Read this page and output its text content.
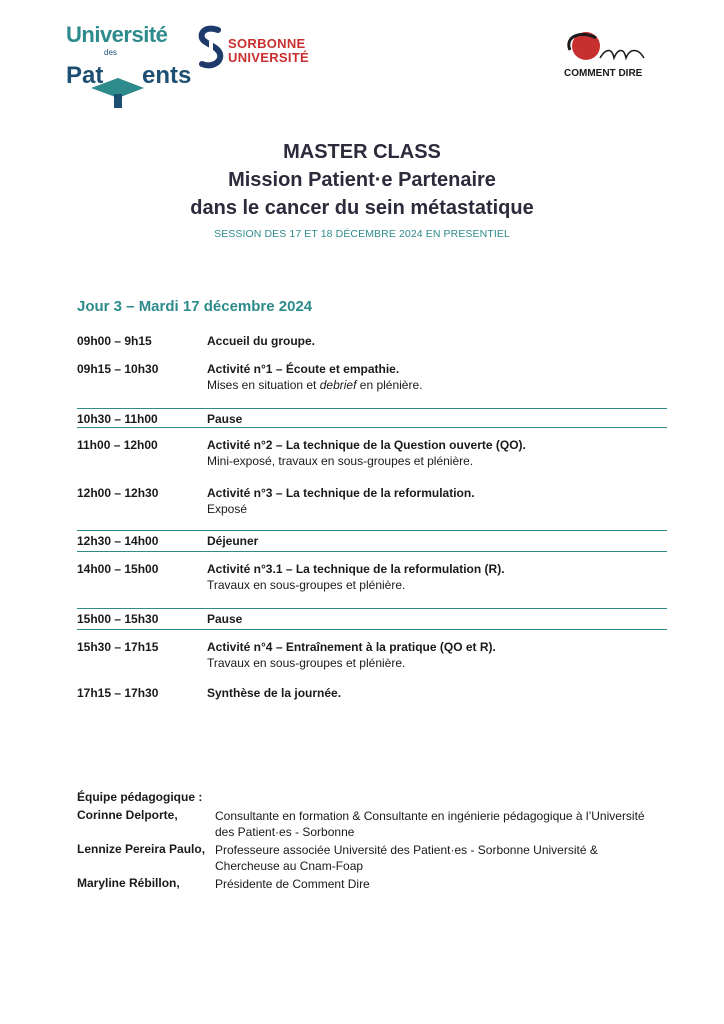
Université
des
Pat ents
SORBONNE
UNIVERSITÉ
COMMENT DIRE
MASTER CLASS
Mission Patient·e Partenaire
dans le cancer du sein métastatique
SESSION DES 17 ET 18 DÉCEMBRE 2024 EN PRESENTIEL
Jour 3 – Mardi 17 décembre 2024
09h00 – 9h15	Accueil du groupe.
09h15 – 10h30	Activité n°1 – Écoute et empathie.
Mises en situation et debrief en plénière.
10h30 – 11h00	Pause
11h00 – 12h00	Activité n°2 – La technique de la Question ouverte (QO).
Mini-exposé, travaux en sous-groupes et plénière.
12h00 – 12h30	Activité n°3 – La technique de la reformulation.
Exposé
12h30 – 14h00	Déjeuner
14h00 – 15h00	Activité n°3.1 – La technique de la reformulation (R).
Travaux en sous-groupes et plénière.
15h00 – 15h30	Pause
15h30 – 17h15	Activité n°4 – Entraînement à la pratique (QO et R).
Travaux en sous-groupes et plénière.
17h15 – 17h30	Synthèse de la journée.
Équipe pédagogique :
Corinne Delporte,	Consultante en formation & Consultante en ingénierie pédagogique à l’Université des Patient·es - Sorbonne
Lennize Pereira Paulo, Professeure associée Université des Patient·es - Sorbonne Université & Chercheuse au Cnam-Foap
Maryline Rébillon,	Présidente de Comment Dire
